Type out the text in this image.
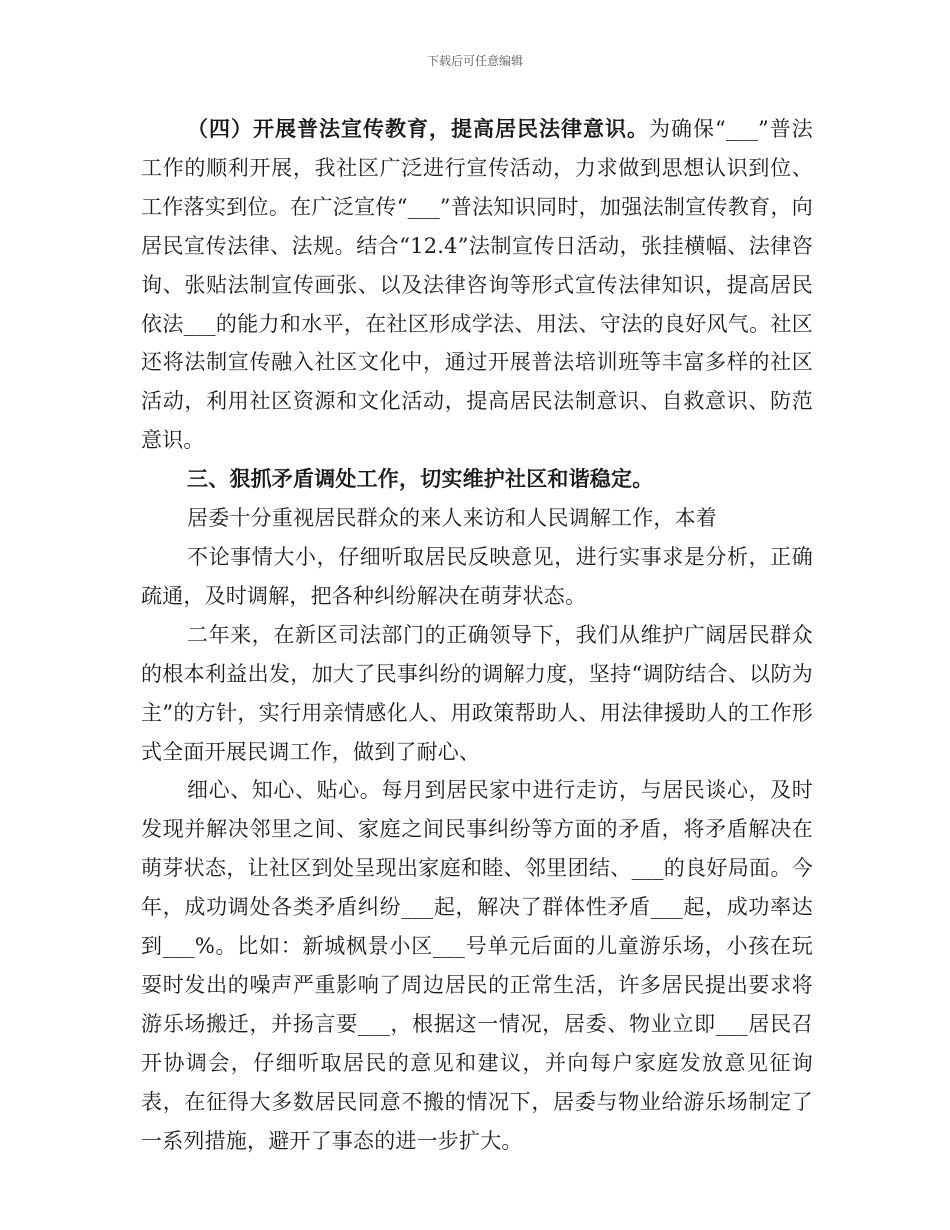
下载后可任意编辑

（四）开展普法宣传教育，提高居民法律意识。为确保“___”普法工作的顺利开展，我社区广泛进行宣传活动，力求做到思想认识到位、工作落实到位。在广泛宣传“___”普法知识同时，加强法制宣传教育，向居民宣传法律、法规。结合“12.4”法制宣传日活动，张挂横幅、法律咨询、张贴法制宣传画张、以及法律咨询等形式宣传法律知识，提高居民依法___的能力和水平，在社区形成学法、用法、守法的良好风气。社区还将法制宣传融入社区文化中，通过开展普法培训班等丰富多样的社区活动，利用社区资源和文化活动，提高居民法制意识、自救意识、防范意识。

三、狠抓矛盾调处工作，切实维护社区和谐稳定。

居委十分重视居民群众的来人来访和人民调解工作，本着

不论事情大小，仔细听取居民反映意见，进行实事求是分析，正确疏通，及时调解，把各种纠纷解决在萌芽状态。

二年来，在新区司法部门的正确领导下，我们从维护广阔居民群众的根本利益出发，加大了民事纠纷的调解力度，坚持“调防结合、以防为主”的方针，实行用亲情感化人、用政策帮助人、用法律援助人的工作形式全面开展民调工作，做到了耐心、

细心、知心、贴心。每月到居民家中进行走访，与居民谈心，及时发现并解决邻里之间、家庭之间民事纠纷等方面的矛盾，将矛盾解决在萌芽状态，让社区到处呈现出家庭和睦、邻里团结、___的良好局面。今年，成功调处各类矛盾纠纷___起，解决了群体性矛盾___起，成功率达到___%。比如：新城枫景小区___号单元后面的儿童游乐场，小孩在玩耍时发出的噪声严重影响了周边居民的正常生活，许多居民提出要求将游乐场搬迁，并扬言要___，根据这一情况，居委、物业立即___居民召开协调会，仔细听取居民的意见和建议，并向每户家庭发放意见征询表，在征得大多数居民同意不搬的情况下，居委与物业给游乐场制定了一系列措施，避开了事态的进一步扩大。
